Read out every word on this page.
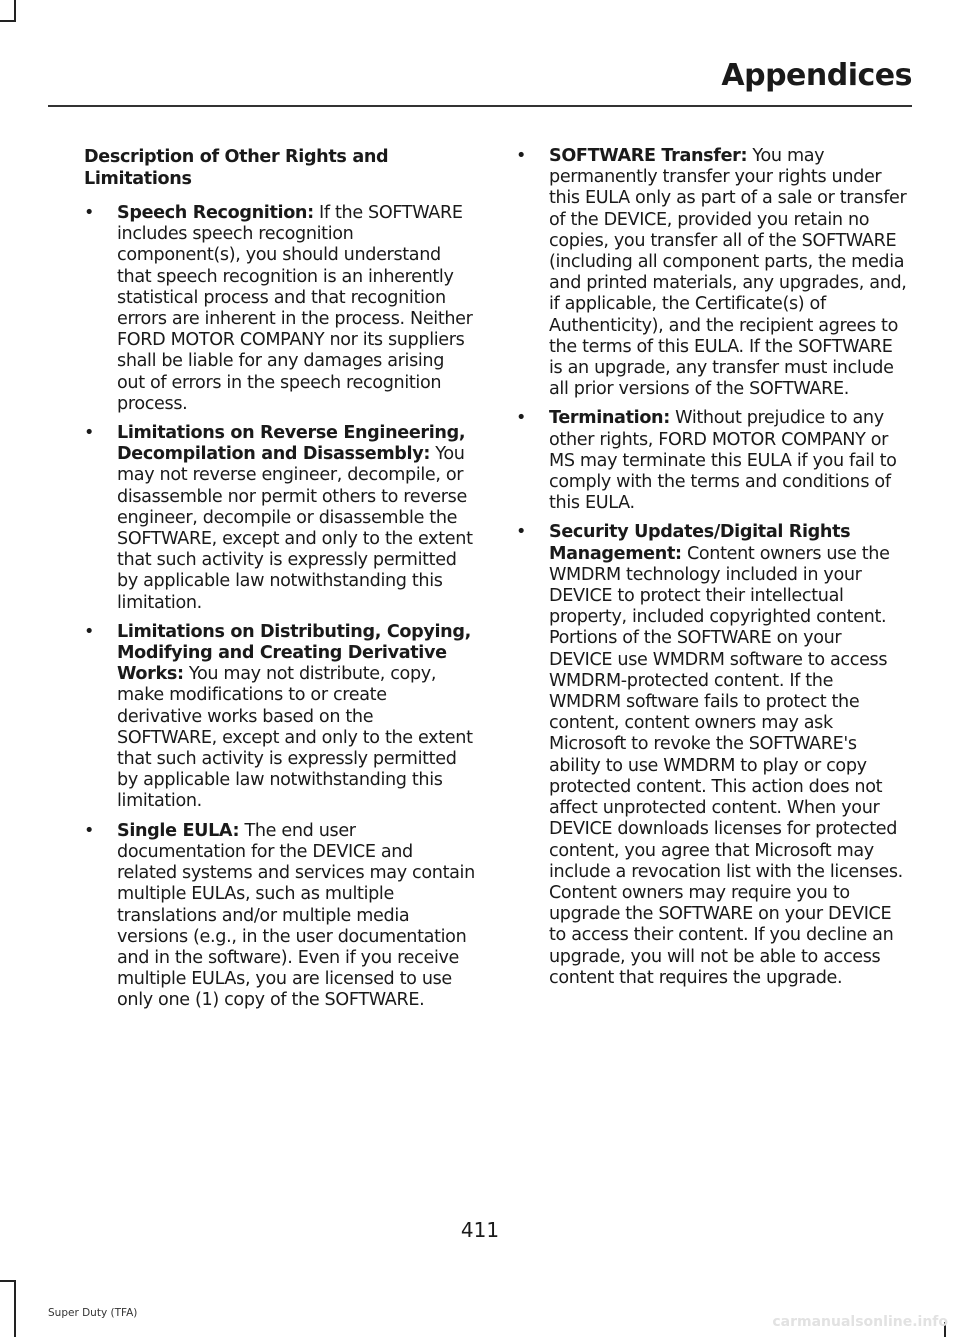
Appendices
Description of Other Rights and Limitations
•	Speech Recognition: If the SOFTWARE includes speech recognition component(s), you should understand that speech recognition is an inherently statistical process and that recognition errors are inherent in the process. Neither FORD MOTOR COMPANY nor its suppliers shall be liable for any damages arising out of errors in the speech recognition process.
•	Limitations on Reverse Engineering, Decompilation and Disassembly: You may not reverse engineer, decompile, or disassemble nor permit others to reverse engineer, decompile or disassemble the SOFTWARE, except and only to the extent that such activity is expressly permitted by applicable law notwithstanding this limitation.
•	Limitations on Distributing, Copying, Modifying and Creating Derivative Works: You may not distribute, copy, make modifications to or create derivative works based on the SOFTWARE, except and only to the extent that such activity is expressly permitted by applicable law notwithstanding this limitation.
•	Single EULA: The end user documentation for the DEVICE and related systems and services may contain multiple EULAs, such as multiple translations and/or multiple media versions (e.g., in the user documentation and in the software). Even if you receive multiple EULAs, you are licensed to use only one (1) copy of the SOFTWARE.
•	SOFTWARE Transfer: You may permanently transfer your rights under this EULA only as part of a sale or transfer of the DEVICE, provided you retain no copies, you transfer all of the SOFTWARE (including all component parts, the media and printed materials, any upgrades, and, if applicable, the Certificate(s) of Authenticity), and the recipient agrees to the terms of this EULA. If the SOFTWARE is an upgrade, any transfer must include all prior versions of the SOFTWARE.
•	Termination: Without prejudice to any other rights, FORD MOTOR COMPANY or MS may terminate this EULA if you fail to comply with the terms and conditions of this EULA.
•	Security Updates/Digital Rights Management: Content owners use the WMDRM technology included in your DEVICE to protect their intellectual property, included copyrighted content. Portions of the SOFTWARE on your DEVICE use WMDRM software to access WMDRM-protected content. If the WMDRM software fails to protect the content, content owners may ask Microsoft to revoke the SOFTWARE's ability to use WMDRM to play or copy protected content. This action does not affect unprotected content. When your DEVICE downloads licenses for protected content, you agree that Microsoft may include a revocation list with the licenses. Content owners may require you to upgrade the SOFTWARE on your DEVICE to access their content. If you decline an upgrade, you will not be able to access content that requires the upgrade.
411
Super Duty (TFA)
carmanualsonline.info
